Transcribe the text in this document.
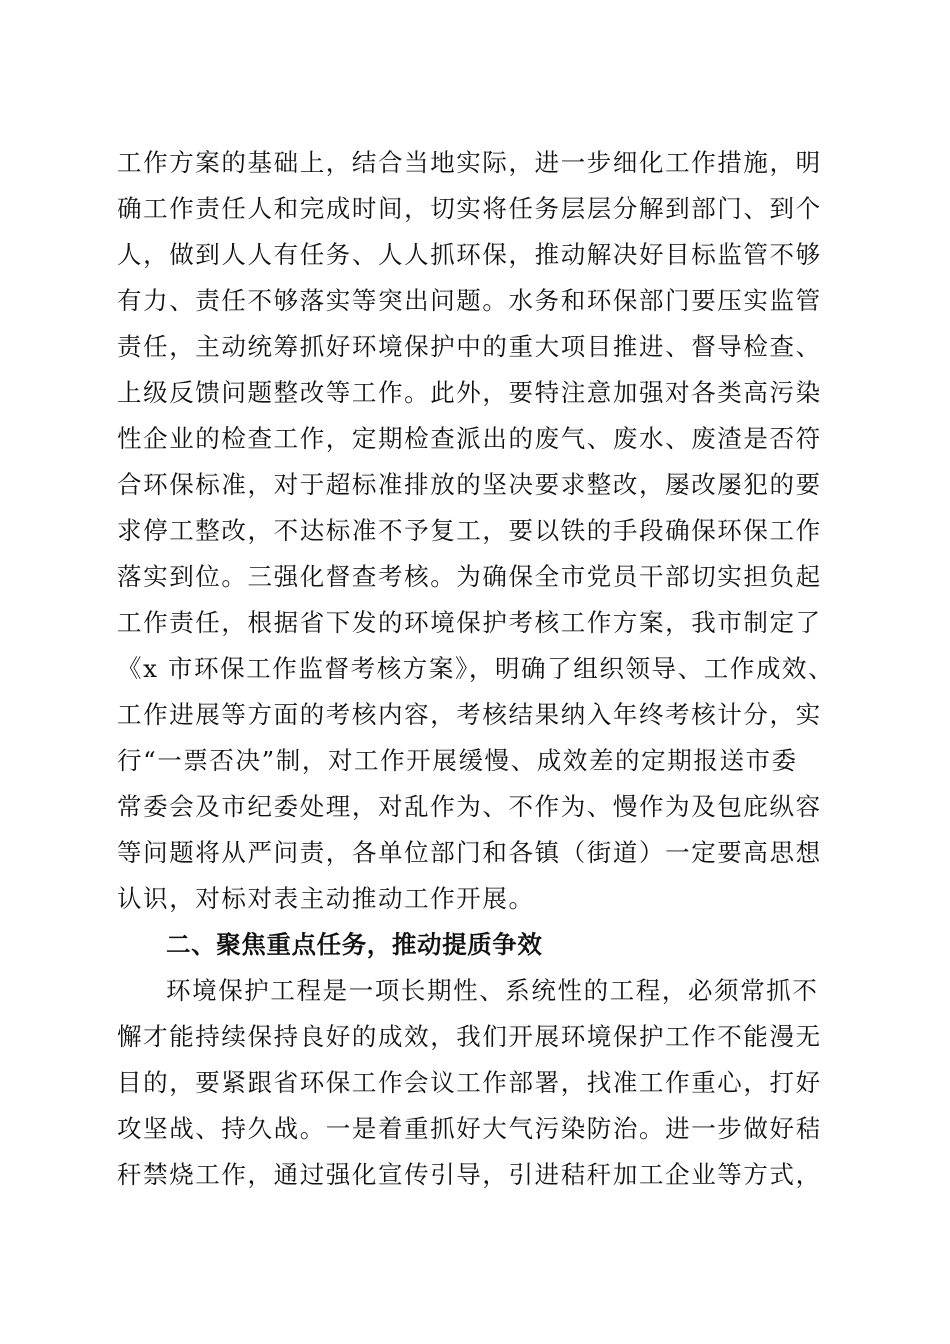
工作方案的基础上，结合当地实际，进一步细化工作措施，明
确工作责任人和完成时间，切实将任务层层分解到部门、到个
人，做到人人有任务、人人抓环保，推动解决好目标监管不够
有力、责任不够落实等突出问题。水务和环保部门要压实监管
责任，主动统筹抓好环境保护中的重大项目推进、督导检查、
上级反馈问题整改等工作。此外，要特注意加强对各类高污染
性企业的检查工作，定期检查派出的废气、废水、废渣是否符
合环保标准，对于超标准排放的坚决要求整改，屡改屡犯的要
求停工整改，不达标准不予复工，要以铁的手段确保环保工作
落实到位。三强化督查考核。为确保全市党员干部切实担负起
工作责任，根据省下发的环境保护考核工作方案，我市制定了
《x 市环保工作监督考核方案》，明确了组织领导、工作成效、
工作进展等方面的考核内容，考核结果纳入年终考核计分，实
行“一票否决”制，对工作开展缓慢、成效差的定期报送市委
常委会及市纪委处理，对乱作为、不作为、慢作为及包庇纵容
等问题将从严问责，各单位部门和各镇（街道）一定要高思想
认识，对标对表主动推动工作开展。
二、聚焦重点任务，推动提质争效
环境保护工程是一项长期性、系统性的工程，必须常抓不
懈才能持续保持良好的成效，我们开展环境保护工作不能漫无
目的，要紧跟省环保工作会议工作部署，找准工作重心，打好
攻坚战、持久战。一是着重抓好大气污染防治。进一步做好秸
秆禁烧工作，通过强化宣传引导，引进秸秆加工企业等方式，
